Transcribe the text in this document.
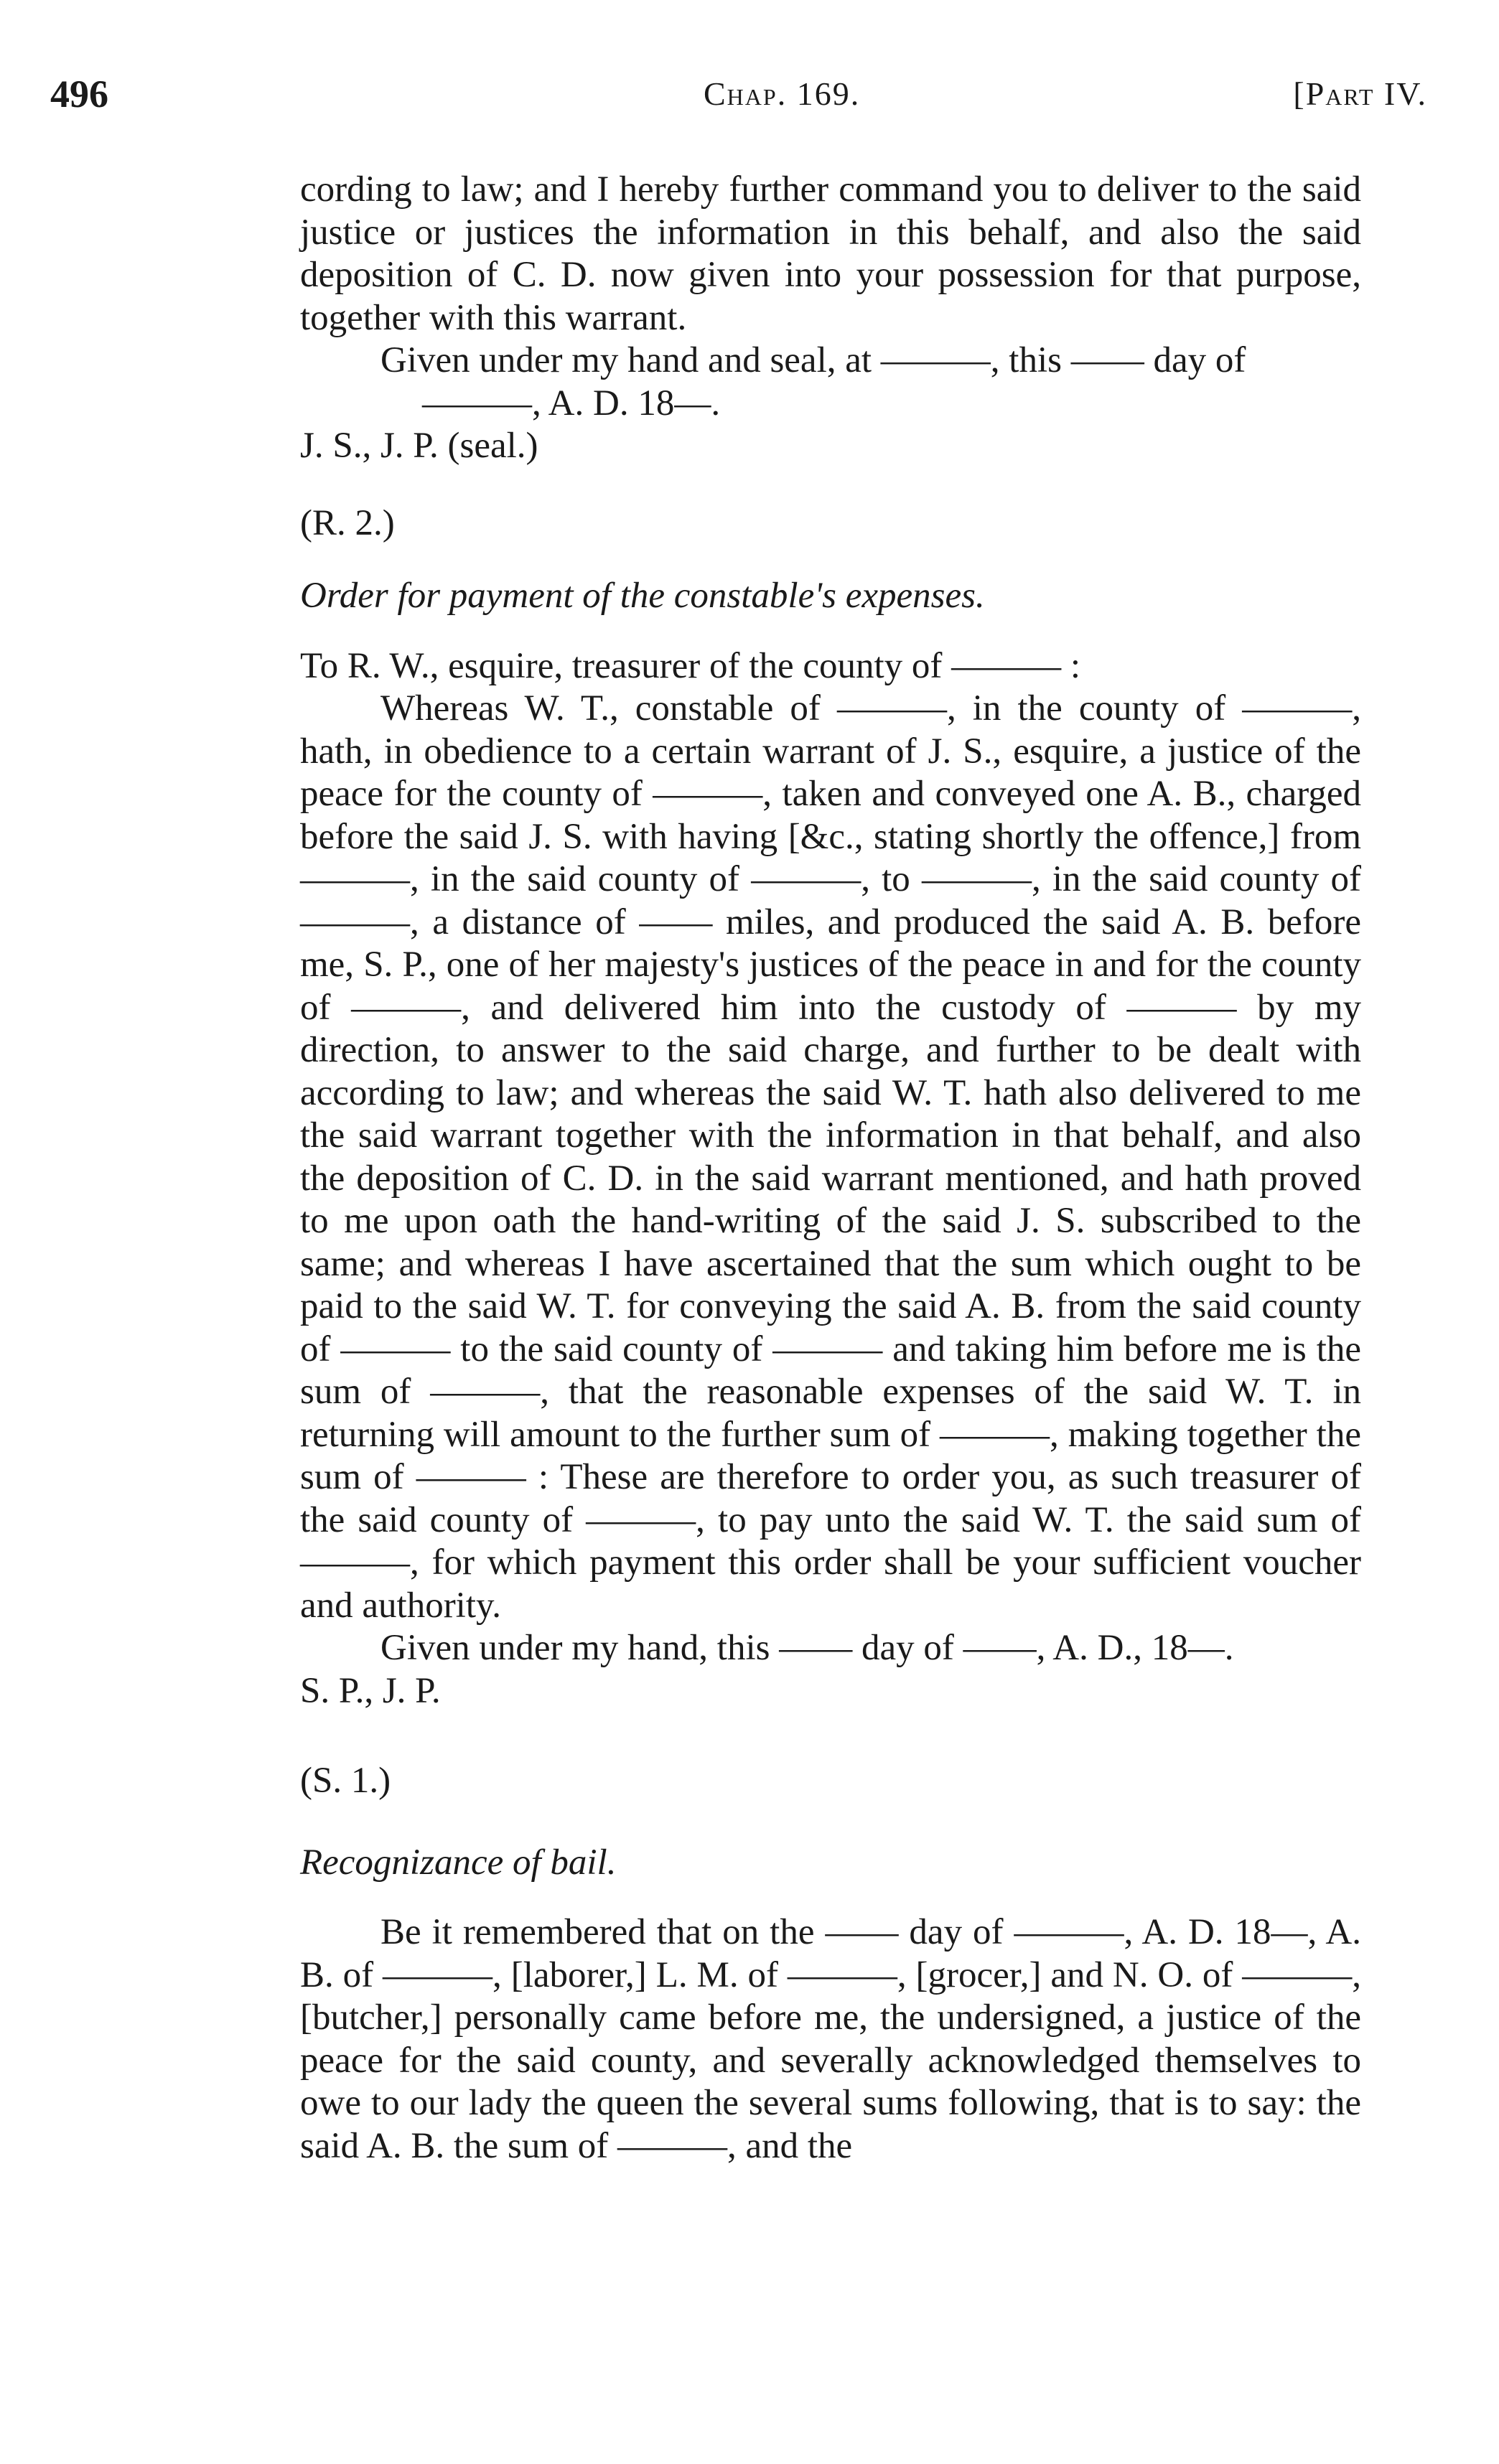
496	Chap. 169.	[Part IV.

cording to law; and I hereby further command you to deliver to the said justice or justices the information in this behalf, and also the said deposition of C. D. now given into your possession for that purpose, together with this warrant.

Given under my hand and seal, at ———, this —— day of

———, A. D. 18—.

J. S., J. P. (seal.)

(R. 2.)

Order for payment of the constable's expenses.

To R. W., esquire, treasurer of the county of ——— :

Whereas W. T., constable of ———, in the county of ———, hath, in obedience to a certain warrant of J. S., esquire, a justice of the peace for the county of ———, taken and conveyed one A. B., charged before the said J. S. with having [&c., stating shortly the offence,] from ———, in the said county of ———, to ———, in the said county of ———, a distance of —— miles, and produced the said A. B. before me, S. P., one of her majesty's justices of the peace in and for the county of ———, and delivered him into the custody of ——— by my direction, to answer to the said charge, and further to be dealt with according to law; and whereas the said W. T. hath also delivered to me the said warrant together with the information in that behalf, and also the deposition of C. D. in the said warrant mentioned, and hath proved to me upon oath the hand-writing of the said J. S. subscribed to the same; and whereas I have ascertained that the sum which ought to be paid to the said W. T. for conveying the said A. B. from the said county of ——— to the said county of ——— and taking him before me is the sum of ———, that the reasonable expenses of the said W. T. in returning will amount to the further sum of ———, making together the sum of ——— : These are therefore to order you, as such treasurer of the said county of ———, to pay unto the said W. T. the said sum of ———, for which payment this order shall be your sufficient voucher and authority.

Given under my hand, this —— day of ——, A. D., 18—.

S. P., J. P.

(S. 1.)

Recognizance of bail.

Be it remembered that on the —— day of ———, A. D. 18—, A. B. of ———, [laborer,] L. M. of ———, [grocer,] and N. O. of ———, [butcher,] personally came before me, the undersigned, a justice of the peace for the said county, and severally acknowledged themselves to owe to our lady the queen the several sums following, that is to say: the said A. B. the sum of ———, and the
